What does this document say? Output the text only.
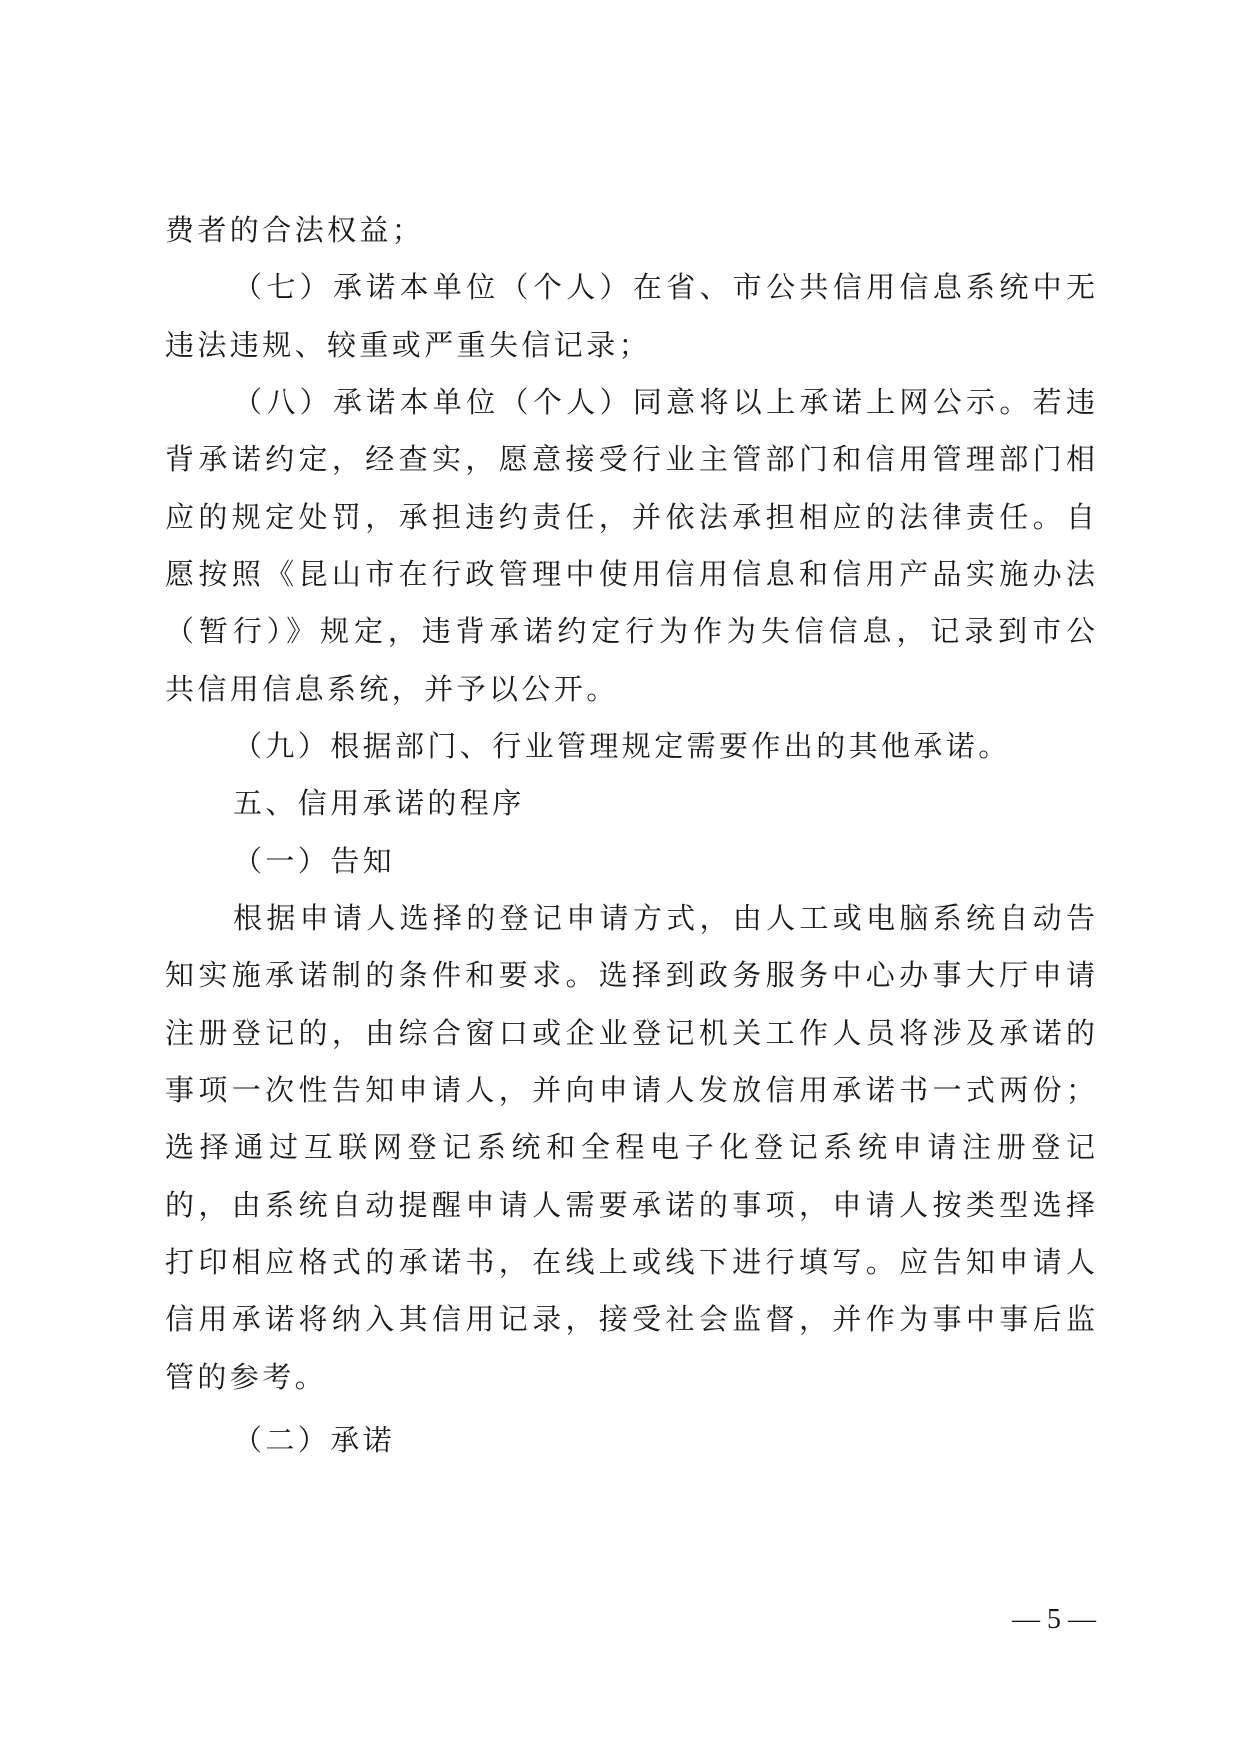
费者的合法权益；
（七）承诺本单位（个人）在省、市公共信用信息系统中无
违法违规、较重或严重失信记录；
（八）承诺本单位（个人）同意将以上承诺上网公示。若违
背承诺约定，经查实，愿意接受行业主管部门和信用管理部门相
应的规定处罚，承担违约责任，并依法承担相应的法律责任。自
愿按照《昆山市在行政管理中使用信用信息和信用产品实施办法
（暂行）》规定，违背承诺约定行为作为失信信息，记录到市公
共信用信息系统，并予以公开。
（九）根据部门、行业管理规定需要作出的其他承诺。
五、信用承诺的程序
（一）告知
根据申请人选择的登记申请方式，由人工或电脑系统自动告
知实施承诺制的条件和要求。选择到政务服务中心办事大厅申请
注册登记的，由综合窗口或企业登记机关工作人员将涉及承诺的
事项一次性告知申请人，并向申请人发放信用承诺书一式两份；
选择通过互联网登记系统和全程电子化登记系统申请注册登记
的，由系统自动提醒申请人需要承诺的事项，申请人按类型选择
打印相应格式的承诺书，在线上或线下进行填写。应告知申请人
信用承诺将纳入其信用记录，接受社会监督，并作为事中事后监
管的参考。
（二）承诺
— 5 —
